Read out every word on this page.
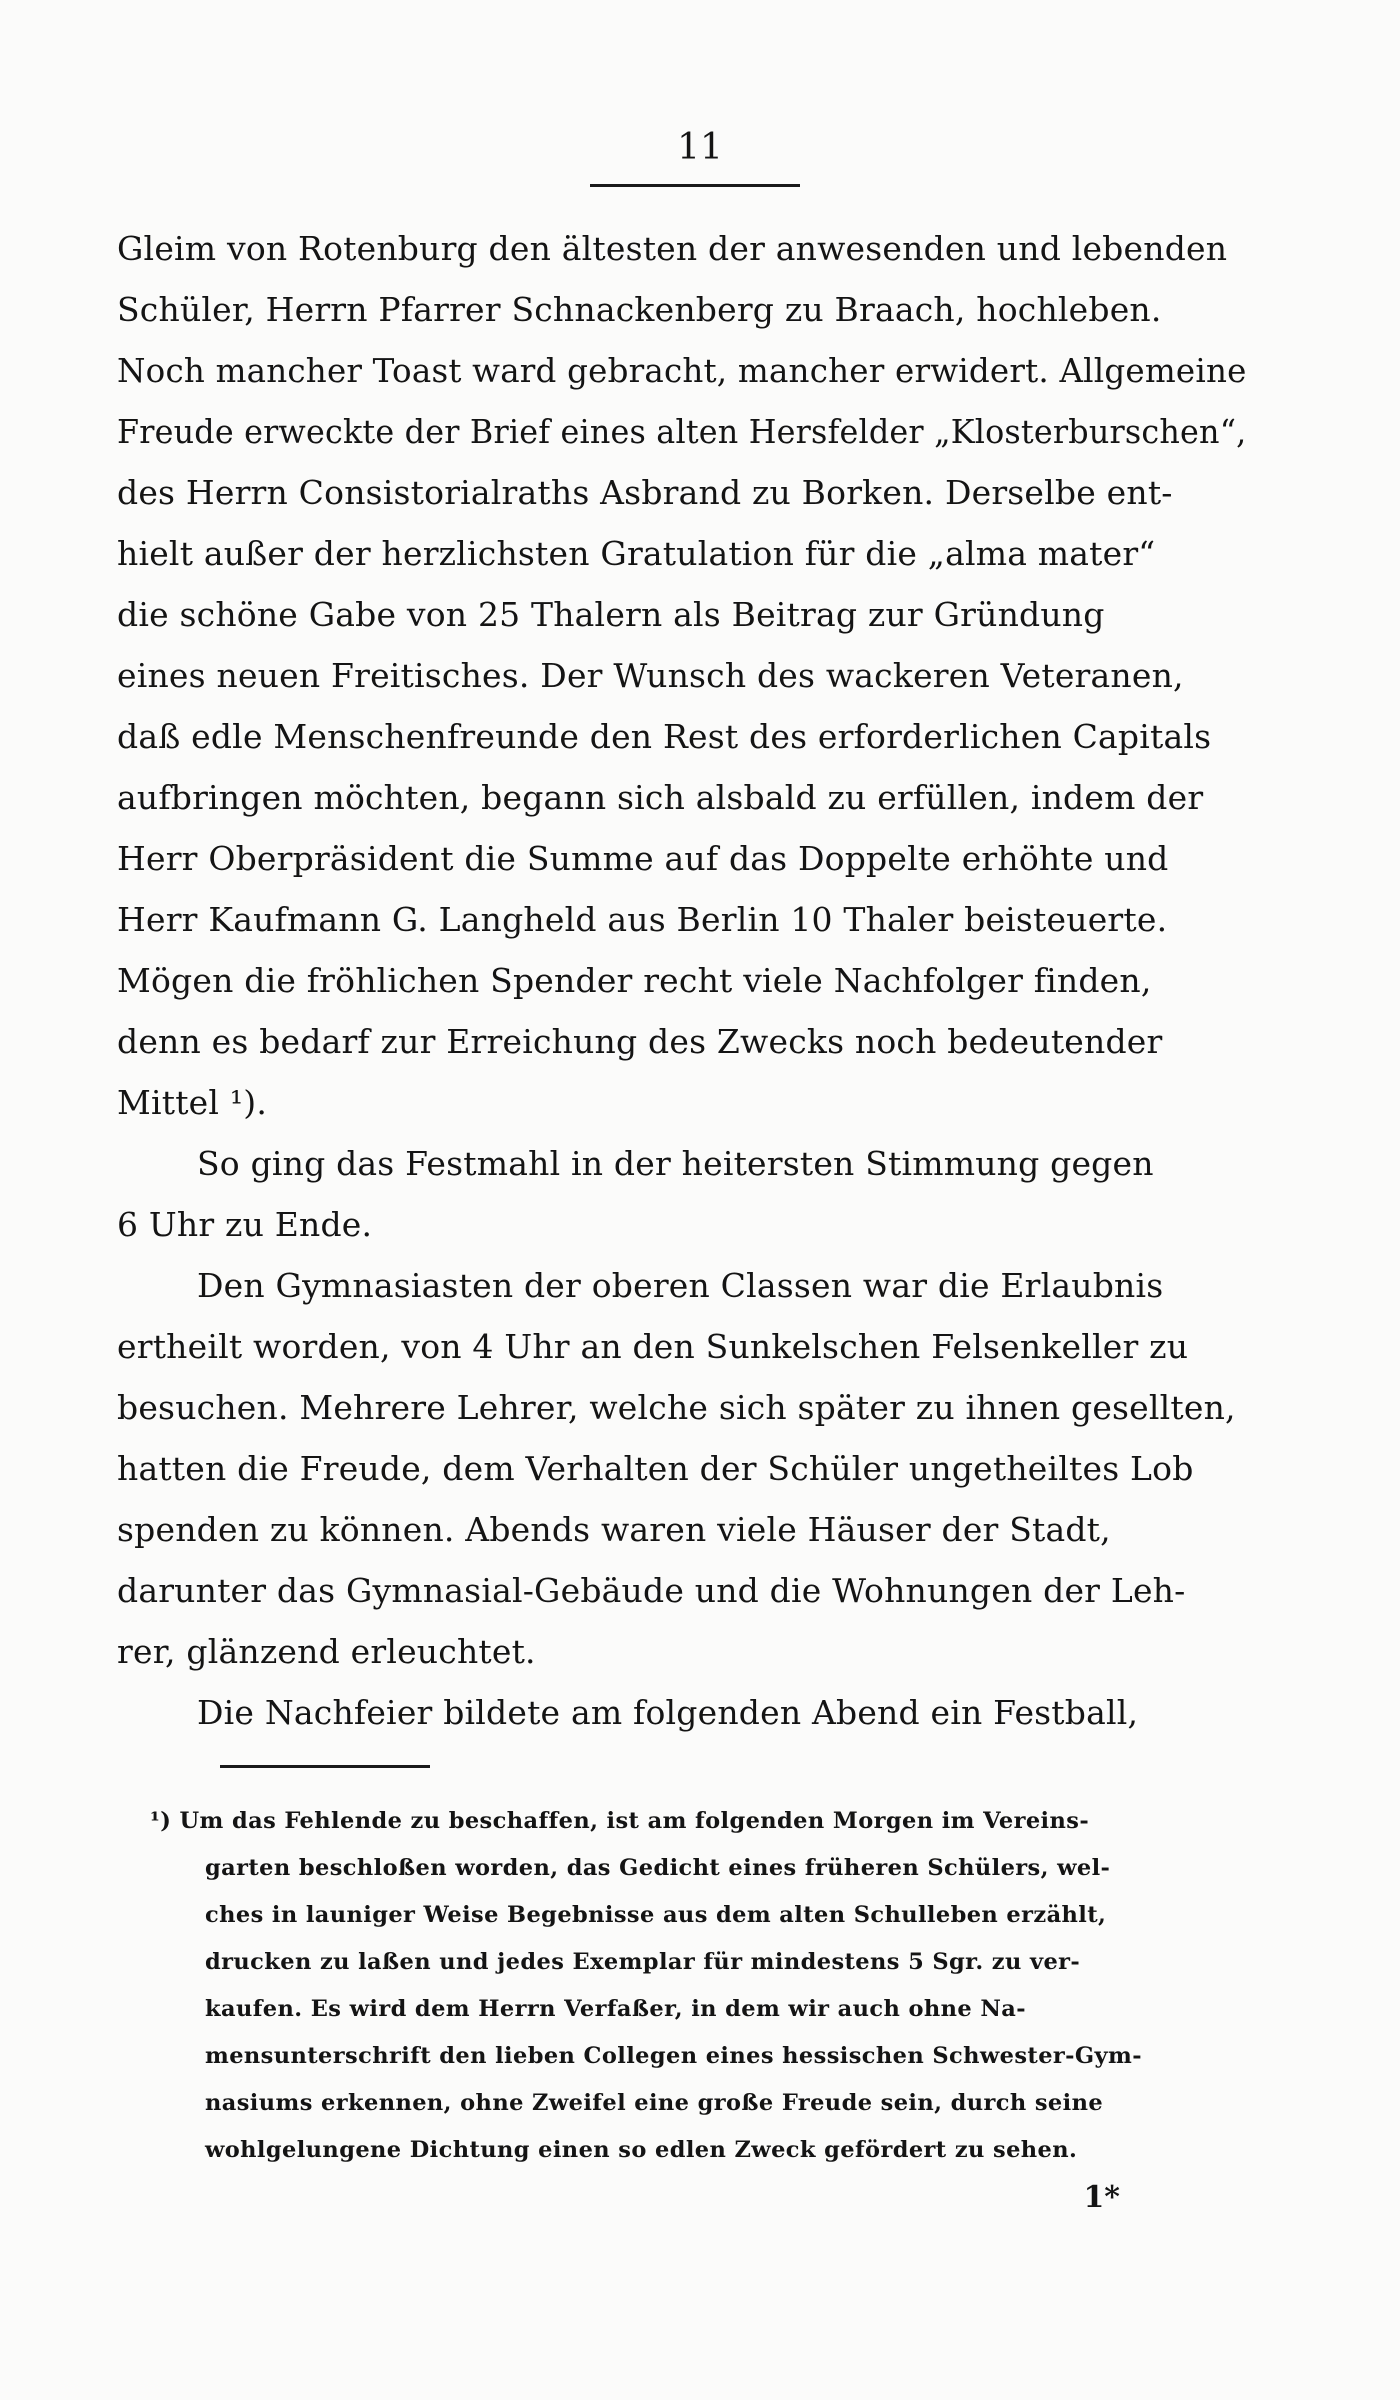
11
Gleim von Rotenburg den ältesten der anwesenden und lebenden
Schüler, Herrn Pfarrer Schnackenberg zu Braach, hochleben.
Noch mancher Toast ward gebracht, mancher erwidert. Allgemeine
Freude erweckte der Brief eines alten Hersfelder „Klosterburschen“,
des Herrn Consistorialraths Asbrand zu Borken. Derselbe ent-
hielt außer der herzlichsten Gratulation für die „alma mater“
die schöne Gabe von 25 Thalern als Beitrag zur Gründung
eines neuen Freitisches. Der Wunsch des wackeren Veteranen,
daß edle Menschenfreunde den Rest des erforderlichen Capitals
aufbringen möchten, begann sich alsbald zu erfüllen, indem der
Herr Oberpräsident die Summe auf das Doppelte erhöhte und
Herr Kaufmann G. Langheld aus Berlin 10 Thaler beisteuerte.
Mögen die fröhlichen Spender recht viele Nachfolger finden,
denn es bedarf zur Erreichung des Zwecks noch bedeutender
Mittel ¹).
So ging das Festmahl in der heitersten Stimmung gegen
6 Uhr zu Ende.
Den Gymnasiasten der oberen Classen war die Erlaubnis
ertheilt worden, von 4 Uhr an den Sunkelschen Felsenkeller zu
besuchen. Mehrere Lehrer, welche sich später zu ihnen gesellten,
hatten die Freude, dem Verhalten der Schüler ungetheiltes Lob
spenden zu können. Abends waren viele Häuser der Stadt,
darunter das Gymnasial-Gebäude und die Wohnungen der Leh-
rer, glänzend erleuchtet.
Die Nachfeier bildete am folgenden Abend ein Festball,
¹) Um das Fehlende zu beschaffen, ist am folgenden Morgen im Vereins-
garten beschloßen worden, das Gedicht eines früheren Schülers, wel-
ches in launiger Weise Begebnisse aus dem alten Schulleben erzählt,
drucken zu laßen und jedes Exemplar für mindestens 5 Sgr. zu ver-
kaufen. Es wird dem Herrn Verfaßer, in dem wir auch ohne Na-
mensunterschrift den lieben Collegen eines hessischen Schwester-Gym-
nasiums erkennen, ohne Zweifel eine große Freude sein, durch seine
wohlgelungene Dichtung einen so edlen Zweck gefördert zu sehen.
1*
